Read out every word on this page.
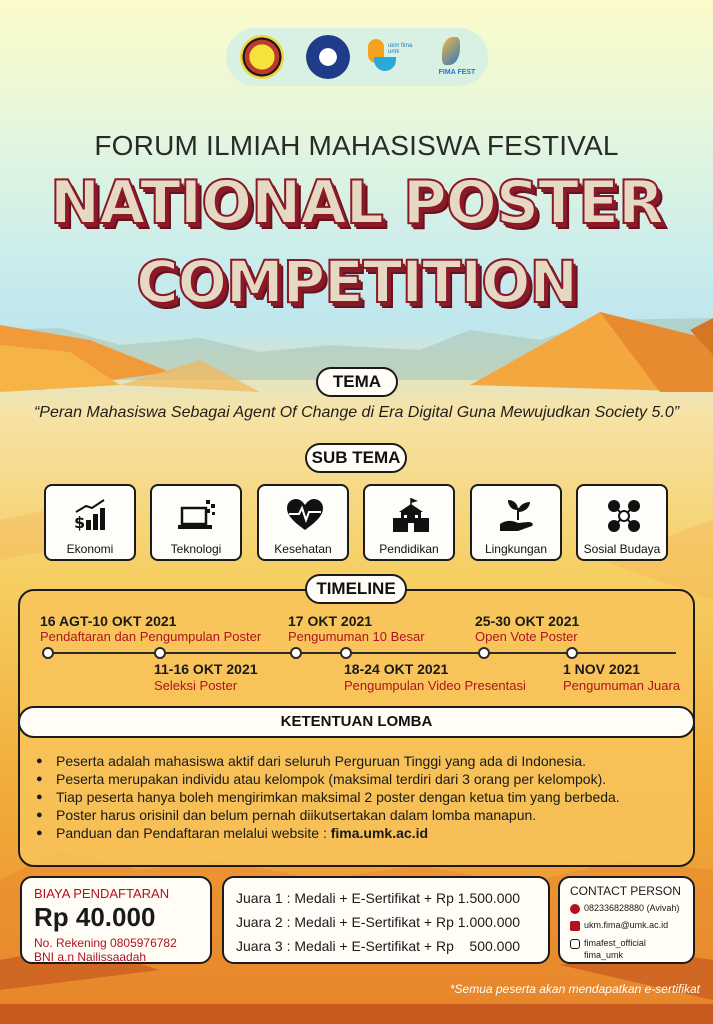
ukm fima umk
FIMA FEST
FORUM ILMIAH MAHASISWA FESTIVAL
NATIONAL POSTER
COMPETITION
TEMA
“Peran Mahasiswa Sebagai Agent Of Change di Era Digital Guna Mewujudkan Society 5.0”
SUB TEMA
$
Ekonomi	Teknologi	Kesehatan	Pendidikan	Lingkungan	Sosial Budaya
TIMELINE
16 AGT-10 OKT 2021
Pendaftaran dan Pengumpulan Poster
17 OKT 2021
Pengumuman 10 Besar
25-30 OKT 2021
Open Vote Poster
11-16 OKT 2021
Seleksi Poster
18-24 OKT 2021
Pengumpulan Video Presentasi
1 NOV 2021
Pengumuman Juara
KETENTUAN LOMBA
● Peserta adalah mahasiswa aktif dari seluruh Perguruan Tinggi yang ada di Indonesia.
● Peserta merupakan individu atau kelompok (maksimal terdiri dari 3 orang per kelompok).
● Tiap peserta hanya boleh mengirimkan maksimal 2 poster dengan ketua tim yang berbeda.
● Poster harus orisinil dan belum pernah diikutsertakan dalam lomba manapun.
● Panduan dan Pendaftaran melalui website : fima.umk.ac.id
BIAYA PENDAFTARAN
Rp 40.000
No. Rekening 0805976782
BNI a.n Nailissaadah
Juara 1 : Medali + E-Sertifikat + Rp 1.500.000
Juara 2 : Medali + E-Sertifikat + Rp 1.000.000
Juara 3 : Medali + E-Sertifikat + Rp    500.000
CONTACT PERSON
082336828880 (Avivah)
ukm.fima@umk.ac.id
fimafest_official
fima_umk
*Semua peserta akan mendapatkan e-sertifikat
